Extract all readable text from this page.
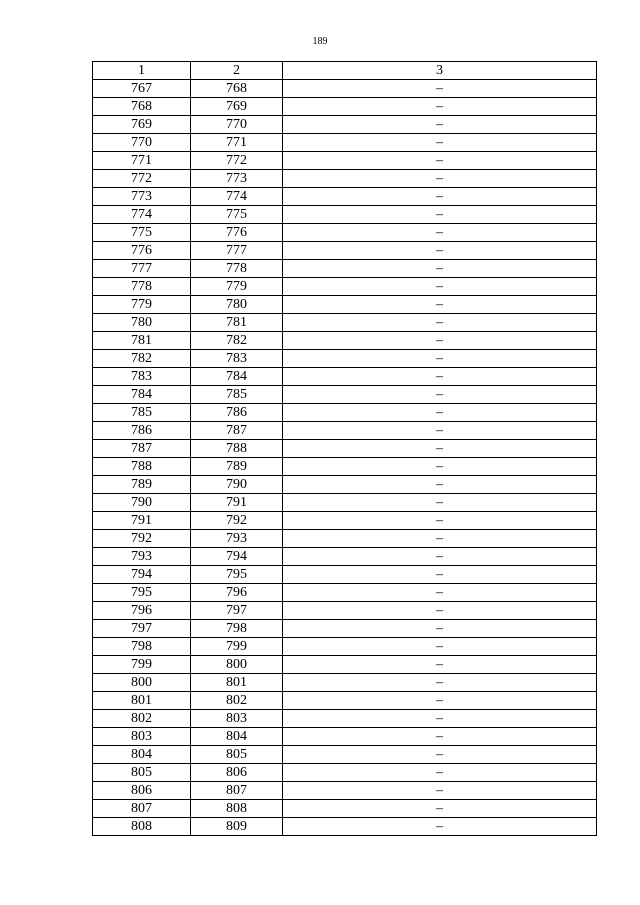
189
1	2	3
767	768	–
768	769	–
769	770	–
770	771	–
771	772	–
772	773	–
773	774	–
774	775	–
775	776	–
776	777	–
777	778	–
778	779	–
779	780	–
780	781	–
781	782	–
782	783	–
783	784	–
784	785	–
785	786	–
786	787	–
787	788	–
788	789	–
789	790	–
790	791	–
791	792	–
792	793	–
793	794	–
794	795	–
795	796	–
796	797	–
797	798	–
798	799	–
799	800	–
800	801	–
801	802	–
802	803	–
803	804	–
804	805	–
805	806	–
806	807	–
807	808	–
808	809	–
